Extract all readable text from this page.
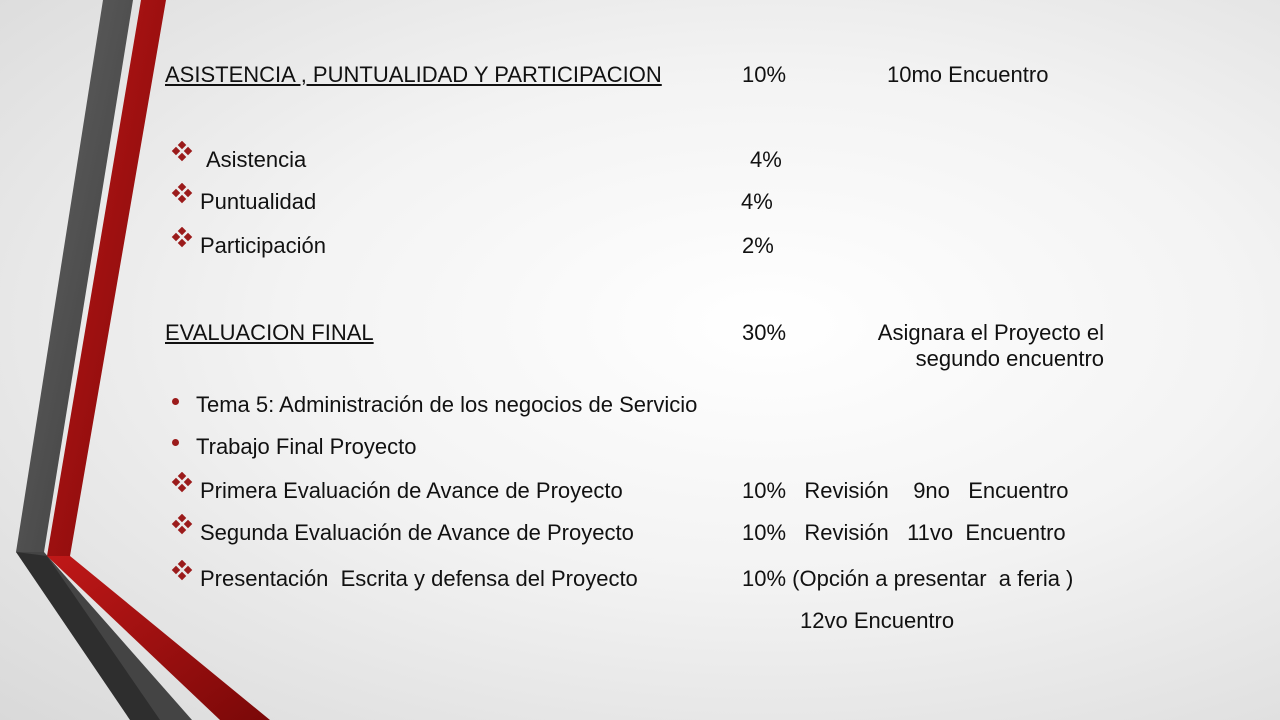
ASISTENCIA , PUNTUALIDAD Y PARTICIPACION	10%	10mo Encuentro
Asistencia	4%
Puntualidad	4%
Participación	2%
EVALUACION FINAL	30%	Asignara el Proyecto el
segundo encuentro
Tema 5: Administración de los negocios de Servicio
Trabajo Final Proyecto
Primera Evaluación de Avance de Proyecto	10%   Revisión    9no   Encuentro
Segunda Evaluación de Avance de Proyecto	10%   Revisión   11vo  Encuentro
Presentación  Escrita y defensa del Proyecto	10% (Opción a presentar  a feria )
12vo Encuentro
